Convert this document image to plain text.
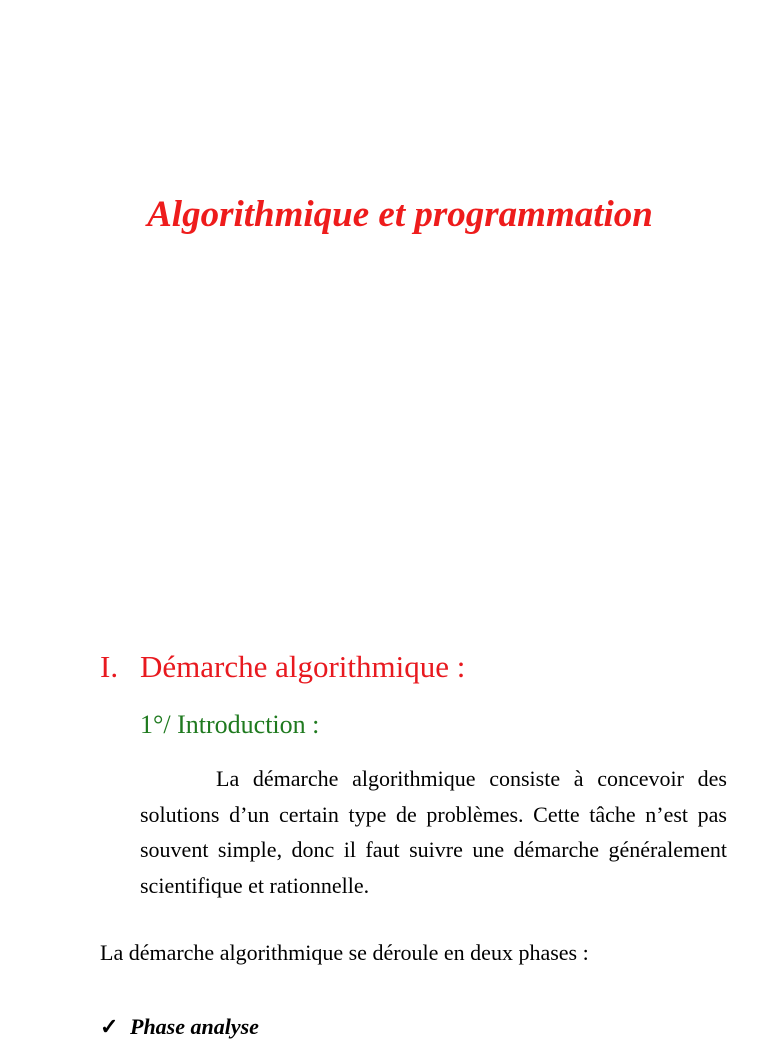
Algorithmique et programmation
I. Démarche algorithmique :
1°/ Introduction :

La démarche algorithmique consiste à concevoir des solutions d’un certain type de problèmes. Cette tâche n’est pas souvent simple, donc il faut suivre une démarche généralement scientifique et rationnelle.

La démarche algorithmique se déroule en deux phases :

✓ Phase analyse
